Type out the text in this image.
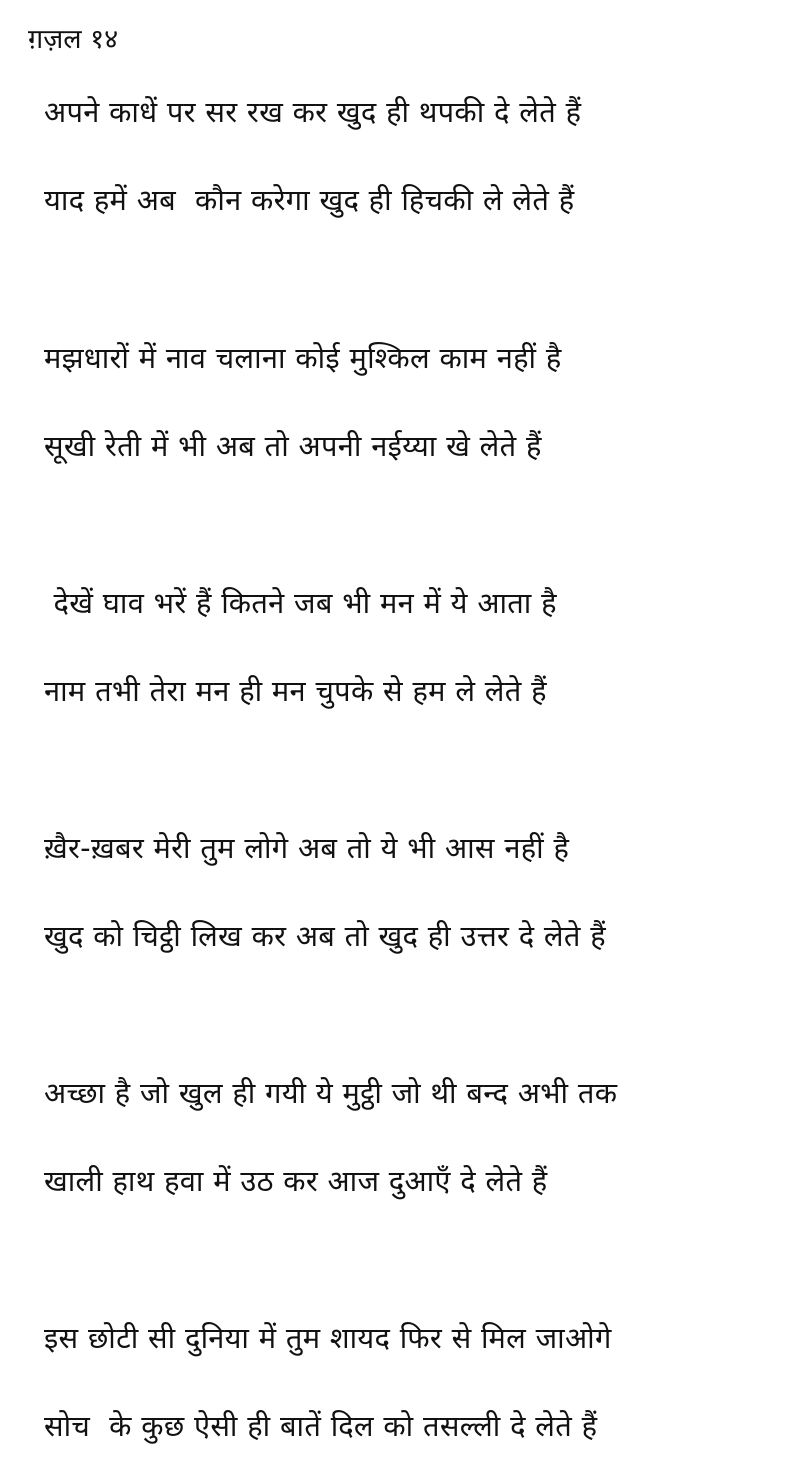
ग़ज़ल १४
अपने काधें पर सर रख कर खुद ही थपकी दे लेते हैं
याद हमें अब  कौन करेगा खुद ही हिचकी ले लेते हैं
मझधारों में नाव चलाना कोई मुश्किल काम नहीं है
सूखी रेती में भी अब तो अपनी नईय्या खे लेते हैं
देखें घाव भरें हैं कितने जब भी मन में ये आता है
नाम तभी तेरा मन ही मन चुपके से हम ले लेते हैं
ख़ैर-ख़बर मेरी तुम लोगे अब तो ये भी आस नहीं है
खुद को चिट्ठी लिख कर अब तो खुद ही उत्तर दे लेते हैं
अच्छा है जो खुल ही गयी ये मुट्ठी जो थी बन्द अभी तक
खाली हाथ हवा में उठ कर आज दुआएँ दे लेते हैं
इस छोटी सी दुनिया में तुम शायद फिर से मिल जाओगे
सोच  के कुछ ऐसी ही बातें दिल को तसल्ली दे लेते हैं
